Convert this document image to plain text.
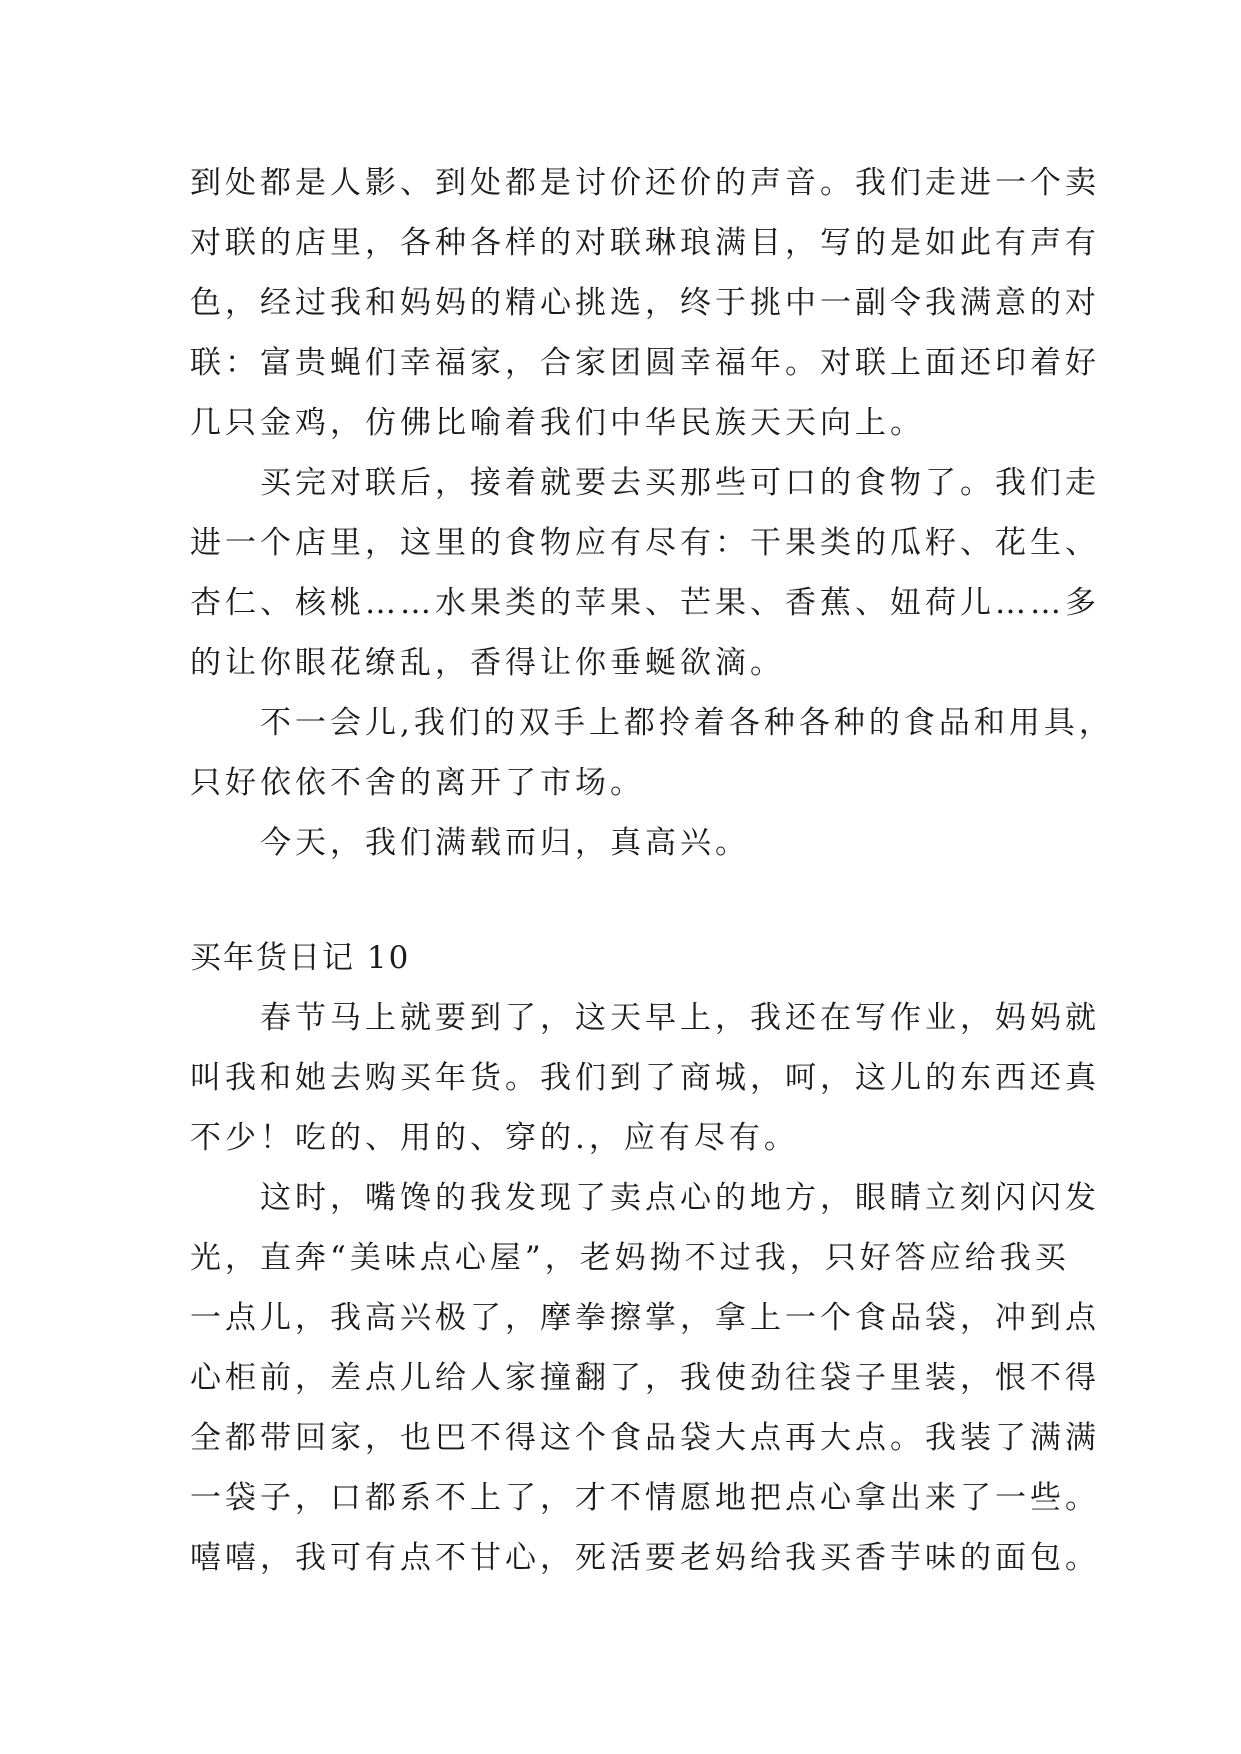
到处都是人影、到处都是讨价还价的声音。我们走进一个卖
对联的店里，各种各样的对联琳琅满目，写的是如此有声有
色，经过我和妈妈的精心挑选，终于挑中一副令我满意的对
联：富贵蝇们幸福家，合家团圆幸福年。对联上面还印着好
几只金鸡，仿佛比喻着我们中华民族天天向上。
买完对联后，接着就要去买那些可口的食物了。我们走
进一个店里，这里的食物应有尽有：干果类的瓜籽、花生、
杏仁、核桃……水果类的苹果、芒果、香蕉、妞荷儿……多
的让你眼花缭乱，香得让你垂蜒欲滴。
不一会儿,我们的双手上都拎着各种各种的食品和用具，
只好依依不舍的离开了市场。
今天，我们满载而归，真高兴。
买年货日记 10
春节马上就要到了，这天早上，我还在写作业，妈妈就
叫我和她去购买年货。我们到了商城，呵，这儿的东西还真
不少！吃的、用的、穿的.，应有尽有。
这时，嘴馋的我发现了卖点心的地方，眼睛立刻闪闪发
光，直奔“美味点心屋”，老妈拗不过我，只好答应给我买
一点儿，我高兴极了，摩拳擦掌，拿上一个食品袋，冲到点
心柜前，差点儿给人家撞翻了，我使劲往袋子里装，恨不得
全都带回家，也巴不得这个食品袋大点再大点。我装了满满
一袋子，口都系不上了，才不情愿地把点心拿出来了一些。
嘻嘻，我可有点不甘心，死活要老妈给我买香芋味的面包。
